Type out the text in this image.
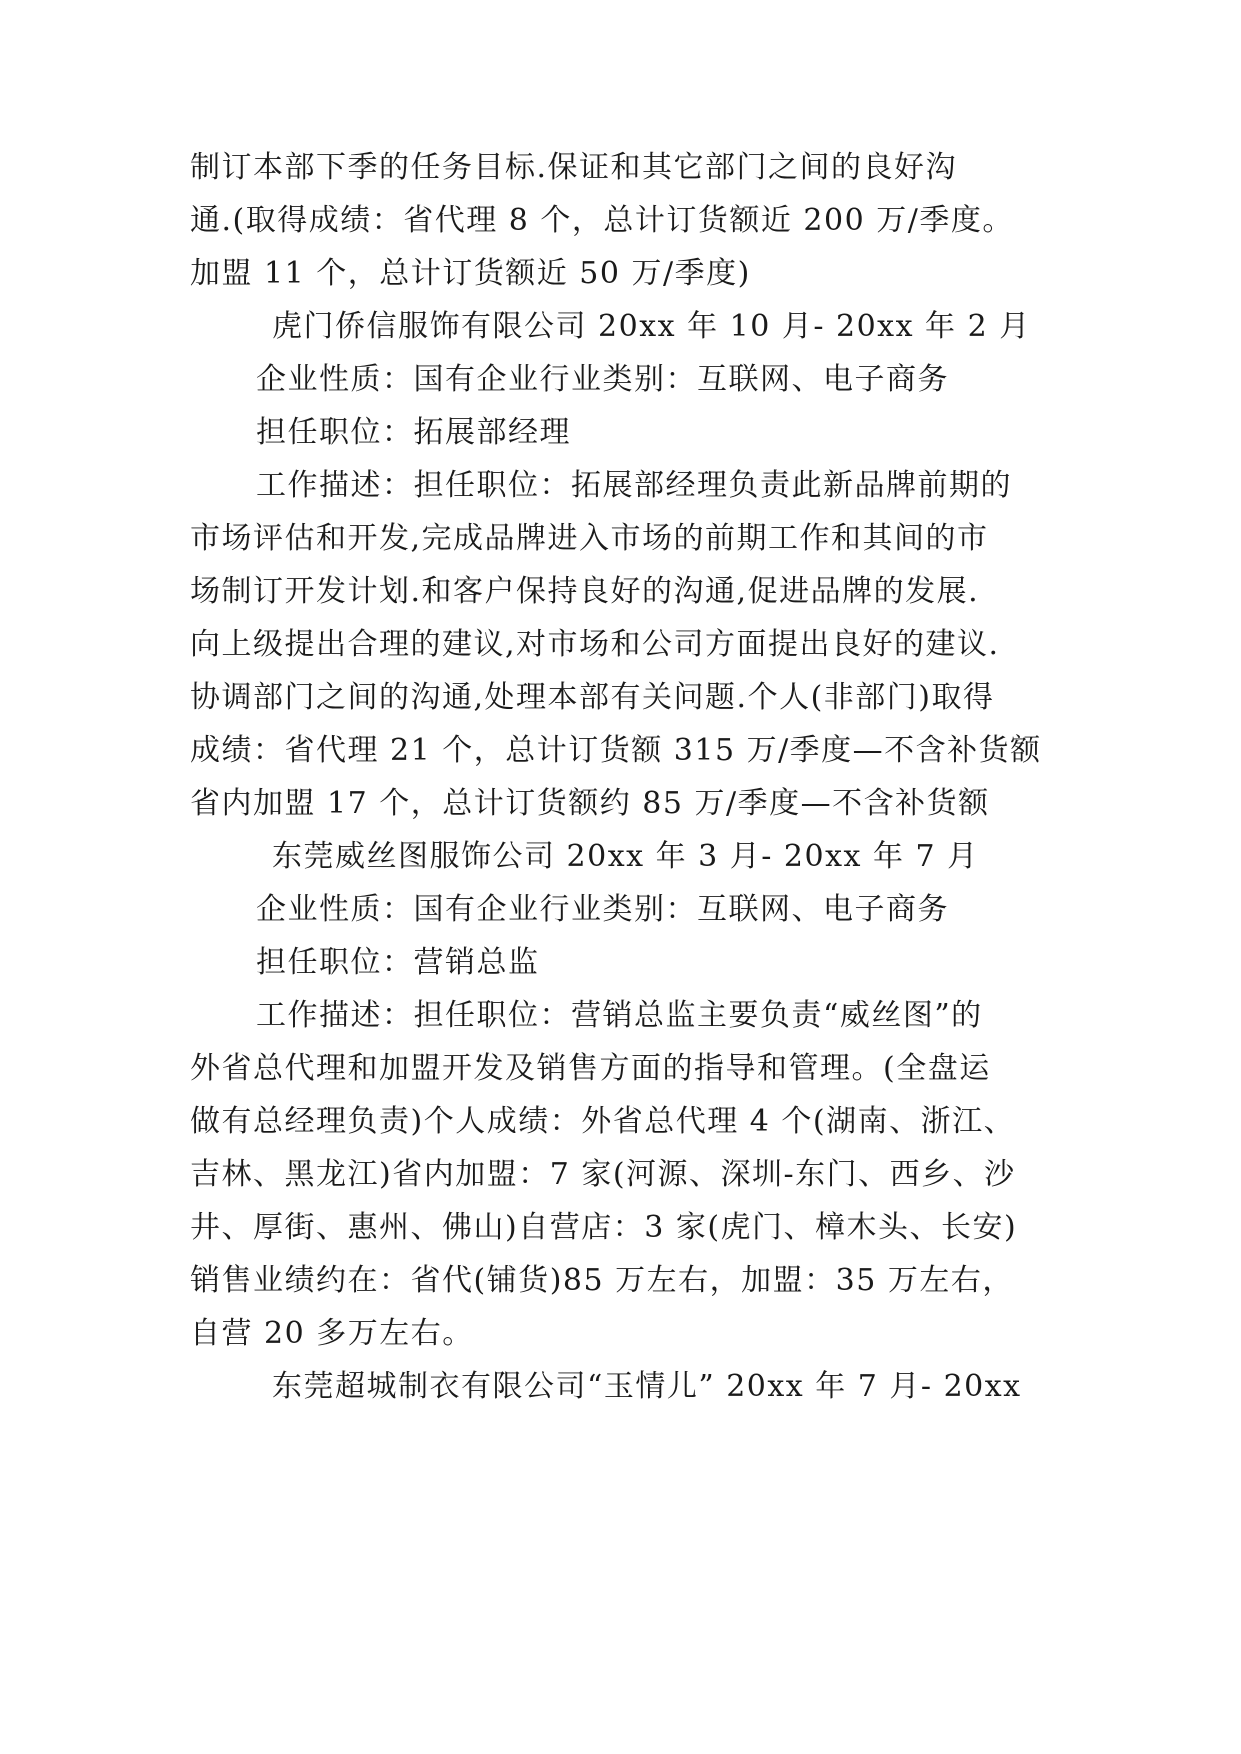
制订本部下季的任务目标.保证和其它部门之间的良好沟
通.(取得成绩：省代理 8 个，总计订货额近 200 万/季度。
加盟 11 个，总计订货额近 50 万/季度)
虎门侨信服饰有限公司 20xx 年 10 月- 20xx 年 2 月
企业性质：国有企业行业类别：互联网、电子商务
担任职位：拓展部经理
工作描述：担任职位：拓展部经理负责此新品牌前期的
市场评估和开发,完成品牌进入市场的前期工作和其间的市
场制订开发计划.和客户保持良好的沟通,促进品牌的发展.
向上级提出合理的建议,对市场和公司方面提出良好的建议.
协调部门之间的沟通,处理本部有关问题.个人(非部门)取得
成绩：省代理 21 个，总计订货额 315 万/季度—不含补货额
省内加盟 17 个，总计订货额约 85 万/季度—不含补货额
东莞威丝图服饰公司 20xx 年 3 月- 20xx 年 7 月
企业性质：国有企业行业类别：互联网、电子商务
担任职位：营销总监
工作描述：担任职位：营销总监主要负责“威丝图”的
外省总代理和加盟开发及销售方面的指导和管理。(全盘运
做有总经理负责)个人成绩：外省总代理 4 个(湖南、浙江、
吉林、黑龙江)省内加盟：7 家(河源、深圳-东门、西乡、沙
井、厚街、惠州、佛山)自营店：3 家(虎门、樟木头、长安)
销售业绩约在：省代(铺货)85 万左右，加盟：35 万左右，
自营 20 多万左右。
东莞超城制衣有限公司“玉情儿” 20xx 年 7 月- 20xx
